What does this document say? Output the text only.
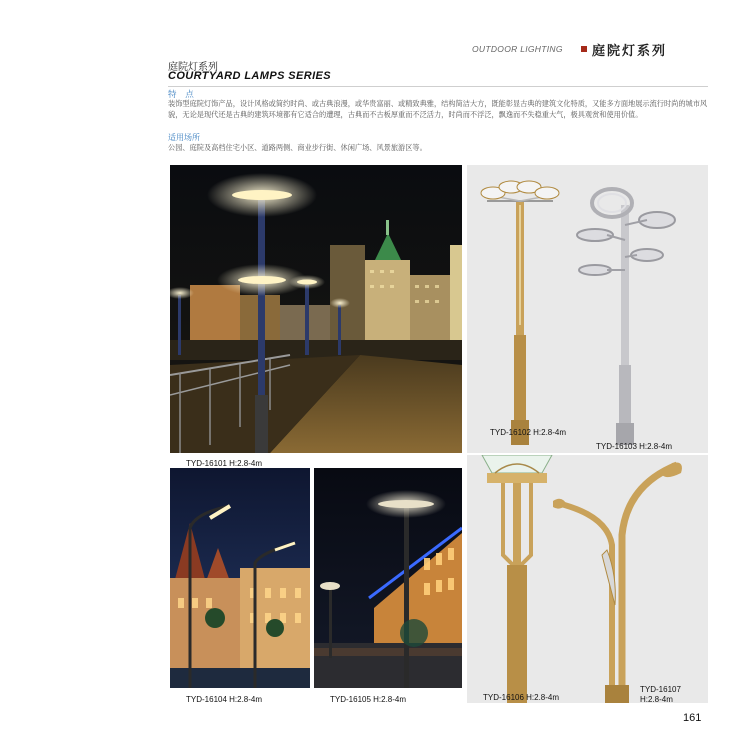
OUTDOOR LIGHTING 庭院灯系列
庭院灯系列
COURTYARD LAMPS SERIES
特 点
装饰型庭院灯饰产品，设计风格或简约时尚、或古典浪漫，或华贵富丽、或精致典雅，结构简洁大方，既能彰显古典的建筑文化特质，又能多方面地展示流行时尚的城市风貌，无论是现代还是古典的建筑环境都有它适合的遭理，古典而不古板厚重而不泛活力，时尚而不浮泛，飘逸而不失稳重大气，极具观赏和使用价值。
适用场所
公园、庭院及高档住宅小区、道路两侧、商业步行街、休闲广场、风景旅游区等。
TYD-16101 H:2.8-4m
TYD-16102 H:2.8-4m
TYD-16103 H:2.8-4m
TYD-16104 H:2.8-4m	TYD-16105 H:2.8-4m	TYD-16106 H:2.8-4m
TYD-16107
H:2.8-4m
161
